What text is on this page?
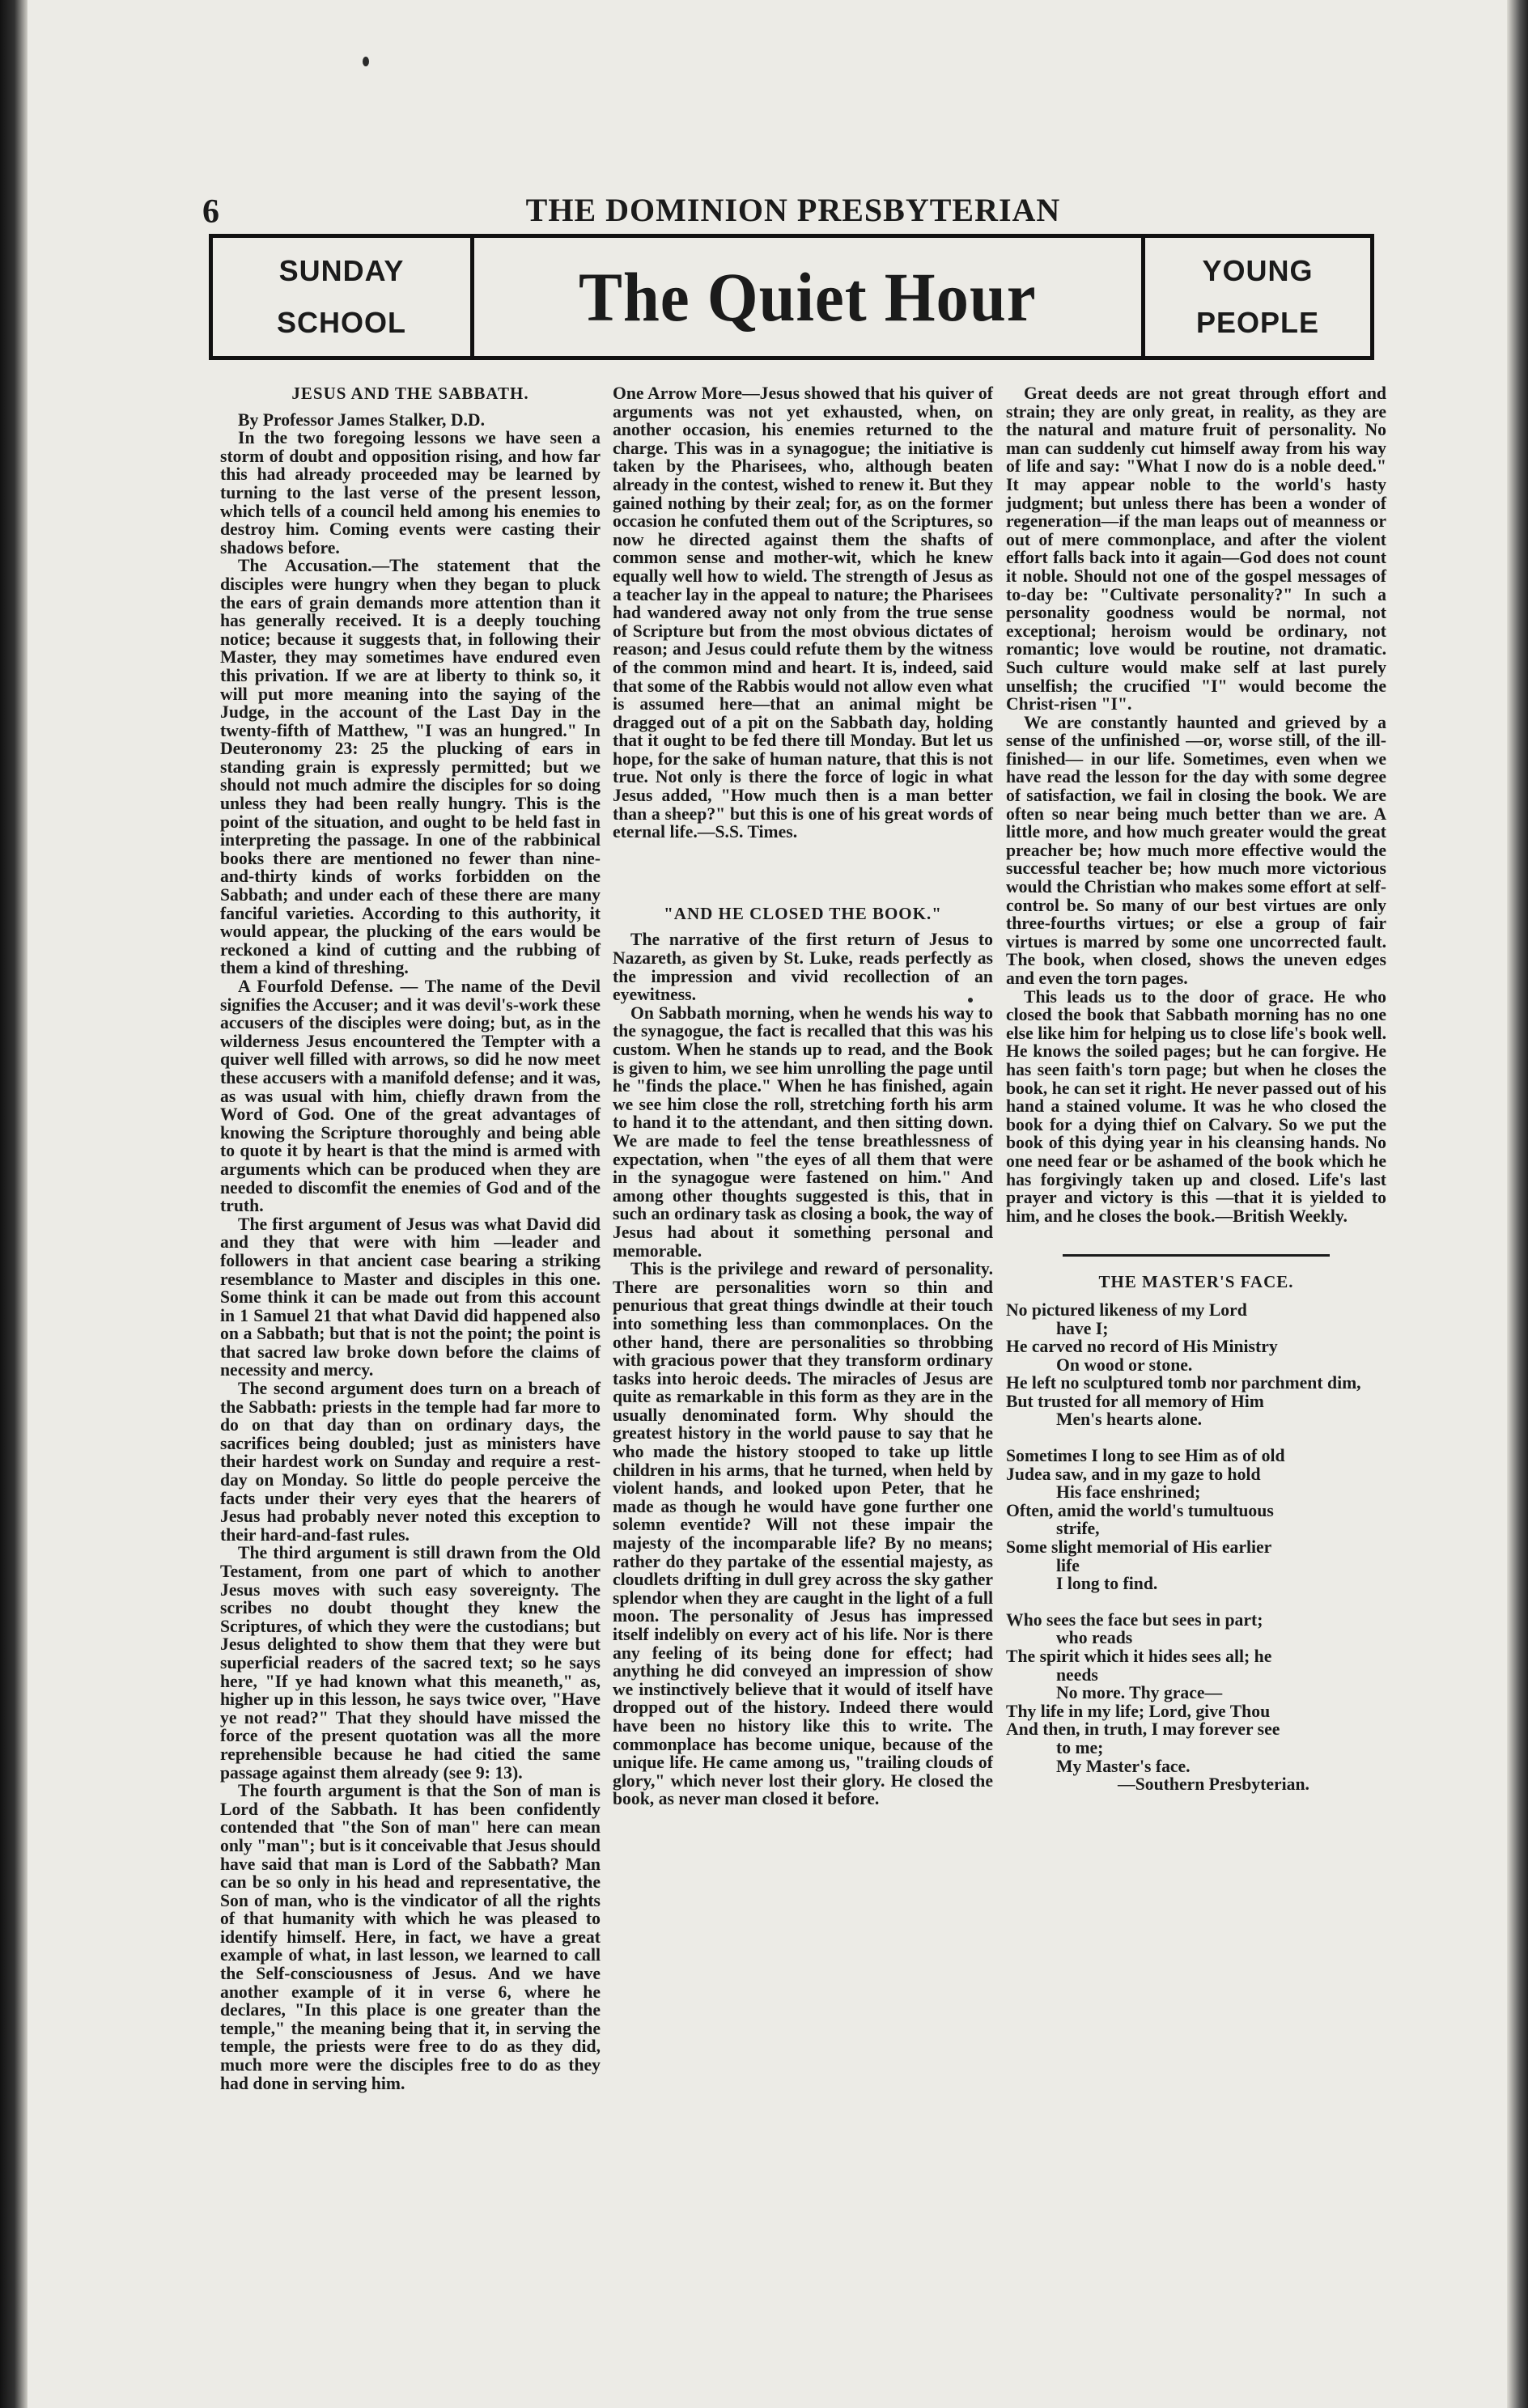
6	THE DOMINION PRESBYTERIAN
SUNDAY
SCHOOL The Quiet Hour	YOUNG
PEOPLE
JESUS AND THE SABBATH.

By Professor James Stalker, D.D.

In the two foregoing lessons we have seen a storm of doubt and opposition rising, and how far this had already proceeded may be learned by turning to the last verse of the present lesson, which tells of a council held among his enemies to destroy him. Coming events were casting their shadows before.

The Accusation.—The statement that the disciples were hungry when they began to pluck the ears of grain demands more attention than it has generally received. It is a deeply touching notice; because it suggests that, in following their Master, they may sometimes have endured even this privation. If we are at liberty to think so, it will put more meaning into the saying of the Judge, in the account of the Last Day in the twenty-fifth of Matthew, "I was an hungred." In Deuteronomy 23: 25 the plucking of ears in standing grain is expressly permitted; but we should not much admire the disciples for so doing unless they had been really hungry. This is the point of the situation, and ought to be held fast in interpreting the passage. In one of the rabbinical books there are mentioned no fewer than nine-and-thirty kinds of works forbidden on the Sabbath; and under each of these there are many fanciful varieties. According to this authority, it would appear, the plucking of the ears would be reckoned a kind of cutting and the rubbing of them a kind of threshing.

A Fourfold Defense. — The name of the Devil signifies the Accuser; and it was devil's-work these accusers of the disciples were doing; but, as in the wilderness Jesus encountered the Tempter with a quiver well filled with arrows, so did he now meet these accusers with a manifold defense; and it was, as was usual with him, chiefly drawn from the Word of God. One of the great advantages of knowing the Scripture thoroughly and being able to quote it by heart is that the mind is armed with arguments which can be produced when they are needed to discomfit the enemies of God and of the truth.

The first argument of Jesus was what David did and they that were with him —leader and followers in that ancient case bearing a striking resemblance to Master and disciples in this one. Some think it can be made out from this account in 1 Samuel 21 that what David did happened also on a Sabbath; but that is not the point; the point is that sacred law broke down before the claims of necessity and mercy.

The second argument does turn on a breach of the Sabbath: priests in the temple had far more to do on that day than on ordinary days, the sacrifices being doubled; just as ministers have their hardest work on Sunday and require a rest-day on Monday. So little do people perceive the facts under their very eyes that the hearers of Jesus had probably never noted this exception to their hard-and-fast rules.

The third argument is still drawn from the Old Testament, from one part of which to another Jesus moves with such easy sovereignty. The scribes no doubt thought they knew the Scriptures, of which they were the custodians; but Jesus delighted to show them that they were but superficial readers of the sacred text; so he says here, "If ye had known what this meaneth," as, higher up in this lesson, he says twice over, "Have ye not read?" That they should have missed the force of the present quotation was all the more reprehensible because he had citied the same passage against them already (see 9: 13).

The fourth argument is that the Son of man is Lord of the Sabbath. It has been confidently contended that "the Son of man" here can mean only "man"; but is it conceivable that Jesus should have said that man is Lord of the Sabbath? Man can be so only in his head and representative, the Son of man, who is the vindicator of all the rights of that humanity with which he was pleased to identify himself. Here, in fact, we have a great example of what, in last lesson, we learned to call the Self-consciousness of Jesus. And we have another example of it in verse 6, where he declares, "In this place is one greater than the temple," the meaning being that it, in serving the temple, the priests were free to do as they did, much more were the disciples free to do as they had done in serving him.

One Arrow More—Jesus showed that his quiver of arguments was not yet exhausted, when, on another occasion, his enemies returned to the charge. This was in a synagogue; the initiative is taken by the Pharisees, who, although beaten already in the contest, wished to renew it. But they gained nothing by their zeal; for, as on the former occasion he confuted them out of the Scriptures, so now he directed against them the shafts of common sense and mother-wit, which he knew equally well how to wield. The strength of Jesus as a teacher lay in the appeal to nature; the Pharisees had wandered away not only from the true sense of Scripture but from the most obvious dictates of reason; and Jesus could refute them by the witness of the common mind and heart. It is, indeed, said that some of the Rabbis would not allow even what is assumed here—that an animal might be dragged out of a pit on the Sabbath day, holding that it ought to be fed there till Monday. But let us hope, for the sake of human nature, that this is not true. Not only is there the force of logic in what Jesus added, "How much then is a man better than a sheep?" but this is one of his great words of eternal life.—S.S. Times.

"AND HE CLOSED THE BOOK."

The narrative of the first return of Jesus to Nazareth, as given by St. Luke, reads perfectly as the impression and vivid recollection of an eyewitness.

On Sabbath morning, when he wends his way to the synagogue, the fact is recalled that this was his custom. When he stands up to read, and the Book is given to him, we see him unrolling the page until he "finds the place." When he has finished, again we see him close the roll, stretching forth his arm to hand it to the attendant, and then sitting down. We are made to feel the tense breathlessness of expectation, when "the eyes of all them that were in the synagogue were fastened on him." And among other thoughts suggested is this, that in such an ordinary task as closing a book, the way of Jesus had about it something personal and memorable.

This is the privilege and reward of personality. There are personalities worn so thin and penurious that great things dwindle at their touch into something less than commonplaces. On the other hand, there are personalities so throbbing with gracious power that they transform ordinary tasks into heroic deeds. The miracles of Jesus are quite as remarkable in this form as they are in the usually denominated form. Why should the greatest history in the world pause to say that he who made the history stooped to take up little children in his arms, that he turned, when held by violent hands, and looked upon Peter, that he made as though he would have gone further one solemn eventide? Will not these impair the majesty of the incomparable life? By no means; rather do they partake of the essential majesty, as cloudlets drifting in dull grey across the sky gather splendor when they are caught in the light of a full moon. The personality of Jesus has impressed itself indelibly on every act of his life. Nor is there any feeling of its being done for effect; had anything he did conveyed an impression of show we instinctively believe that it would of itself have dropped out of the history. Indeed there would have been no history like this to write. The commonplace has become unique, because of the unique life. He came among us, "trailing clouds of glory," which never lost their glory. He closed the book, as never man closed it before.

Great deeds are not great through effort and strain; they are only great, in reality, as they are the natural and mature fruit of personality. No man can suddenly cut himself away from his way of life and say: "What I now do is a noble deed." It may appear noble to the world's hasty judgment; but unless there has been a wonder of regeneration—if the man leaps out of meanness or out of mere commonplace, and after the violent effort falls back into it again—God does not count it noble. Should not one of the gospel messages of to-day be: "Cultivate personality?" In such a personality goodness would be normal, not exceptional; heroism would be ordinary, not romantic; love would be routine, not dramatic. Such culture would make self at last purely unselfish; the crucified "I" would become the Christ-risen "I".

We are constantly haunted and grieved by a sense of the unfinished —or, worse still, of the ill-finished— in our life. Sometimes, even when we have read the lesson for the day with some degree of satisfaction, we fail in closing the book. We are often so near being much better than we are. A little more, and how much greater would the great preacher be; how much more effective would the successful teacher be; how much more victorious would the Christian who makes some effort at self-control be. So many of our best virtues are only three-fourths virtues; or else a group of fair virtues is marred by some one uncorrected fault. The book, when closed, shows the uneven edges and even the torn pages.

This leads us to the door of grace. He who closed the book that Sabbath morning has no one else like him for helping us to close life's book well. He knows the soiled pages; but he can forgive. He has seen faith's torn page; but when he closes the book, he can set it right. He never passed out of his hand a stained volume. It was he who closed the book for a dying thief on Calvary. So we put the book of this dying year in his cleansing hands. No one need fear or be ashamed of the book which he has forgivingly taken up and closed. Life's last prayer and victory is this —that it is yielded to him, and he closes the book.—British Weekly.

THE MASTER'S FACE.
No pictured likeness of my Lord
have I;
He carved no record of His Ministry
On wood or stone.
He left no sculptured tomb nor parchment dim,
But trusted for all memory of Him
Men's hearts alone.
Sometimes I long to see Him as of old
Judea saw, and in my gaze to hold
His face enshrined;
Often, amid the world's tumultuous
strife,
Some slight memorial of His earlier
life
I long to find.
Who sees the face but sees in part;
who reads
The spirit which it hides sees all; he
needs
No more. Thy grace—
Thy life in my life; Lord, give Thou
And then, in truth, I may forever see
to me;
My Master's face.
—Southern Presbyterian.
